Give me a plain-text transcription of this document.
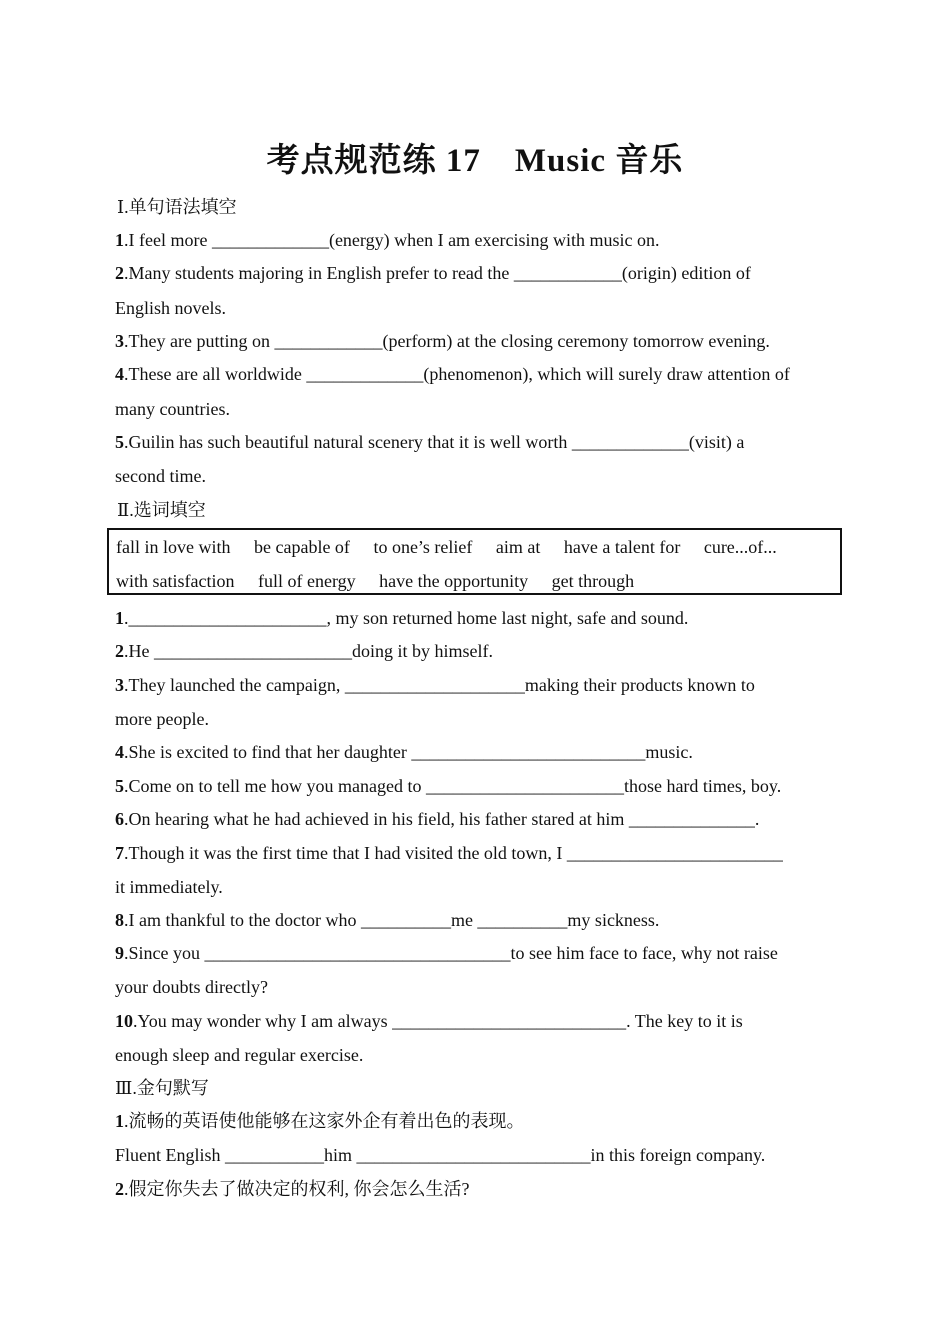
考点规范练 17　Music 音乐
Ⅰ.单句语法填空
1.I feel more _____________(energy) when I am exercising with music on.
2.Many students majoring in English prefer to read the ____________(origin) edition of
English novels.
3.They are putting on ____________(perform) at the closing ceremony tomorrow evening.
4.These are all worldwide _____________(phenomenon), which will surely draw attention of
many countries.
5.Guilin has such beautiful natural scenery that it is well worth _____________(visit) a
second time.
Ⅱ.选词填空
fall in love with be capable of to one’s relief aim at have a talent for cure...of...
with satisfaction full of energy have the opportunity get through
1.______________________, my son returned home last night, safe and sound.
2.He ______________________doing it by himself.
3.They launched the campaign, ____________________making their products known to
more people.
4.She is excited to find that her daughter __________________________music.
5.Come on to tell me how you managed to ______________________those hard times, boy.
6.On hearing what he had achieved in his field, his father stared at him ______________.
7.Though it was the first time that I had visited the old town, I ________________________
it immediately.
8.I am thankful to the doctor who __________me __________my sickness.
9.Since you __________________________________to see him face to face, why not raise
your doubts directly?
10.You may wonder why I am always __________________________. The key to it is
enough sleep and regular exercise.
Ⅲ.金句默写
1.流畅的英语使他能够在这家外企有着出色的表现。
Fluent English ___________him __________________________in this foreign company.
2.假定你失去了做决定的权利, 你会怎么生活?
